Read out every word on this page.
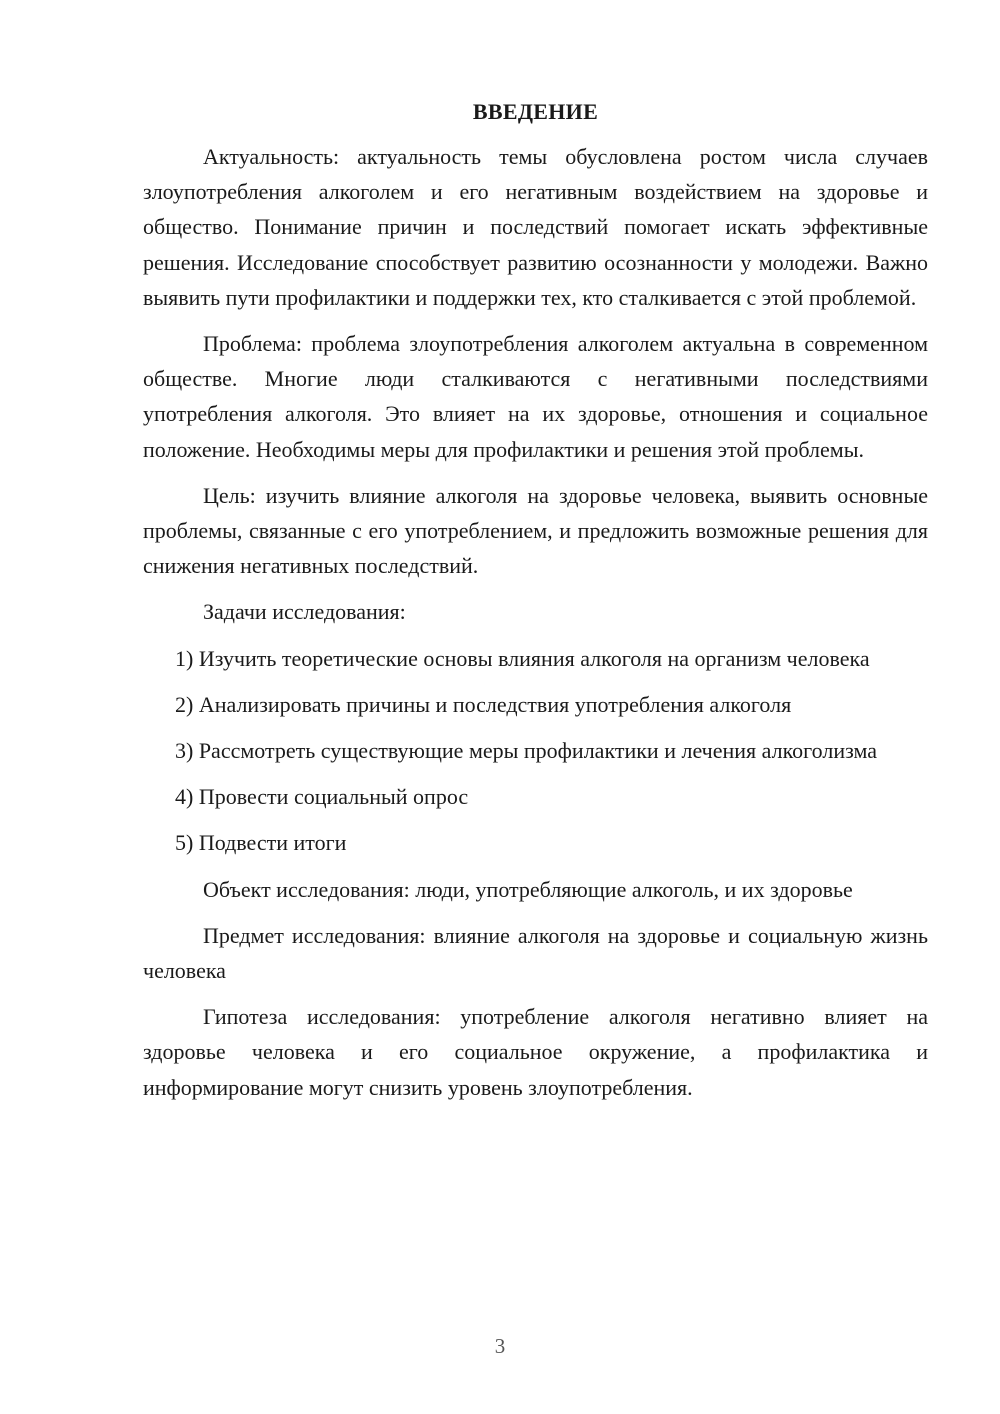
ВВЕДЕНИЕ

Актуальность: актуальность темы обусловлена ростом числа случаев злоупотребления алкоголем и его негативным воздействием на здоровье и общество. Понимание причин и последствий помогает искать эффективные решения. Исследование способствует развитию осознанности у молодежи. Важно выявить пути профилактики и поддержки тех, кто сталкивается с этой проблемой.

Проблема: проблема злоупотребления алкоголем актуальна в современном обществе. Многие люди сталкиваются с негативными последствиями употребления алкоголя. Это влияет на их здоровье, отношения и социальное положение. Необходимы меры для профилактики и решения этой проблемы.

Цель: изучить влияние алкоголя на здоровье человека, выявить основные проблемы, связанные с его употреблением, и предложить возможные решения для снижения негативных последствий.

Задачи исследования:

1) Изучить теоретические основы влияния алкоголя на организм человека

2) Анализировать причины и последствия употребления алкоголя

3) Рассмотреть существующие меры профилактики и лечения алкоголизма

4) Провести социальный опрос

5) Подвести итоги

Объект исследования: люди, употребляющие алкоголь, и их здоровье

Предмет исследования: влияние алкоголя на здоровье и социальную жизнь человека

Гипотеза исследования: употребление алкоголя негативно влияет на здоровье человека и его социальное окружение, а профилактика и информирование могут снизить уровень злоупотребления.

3
